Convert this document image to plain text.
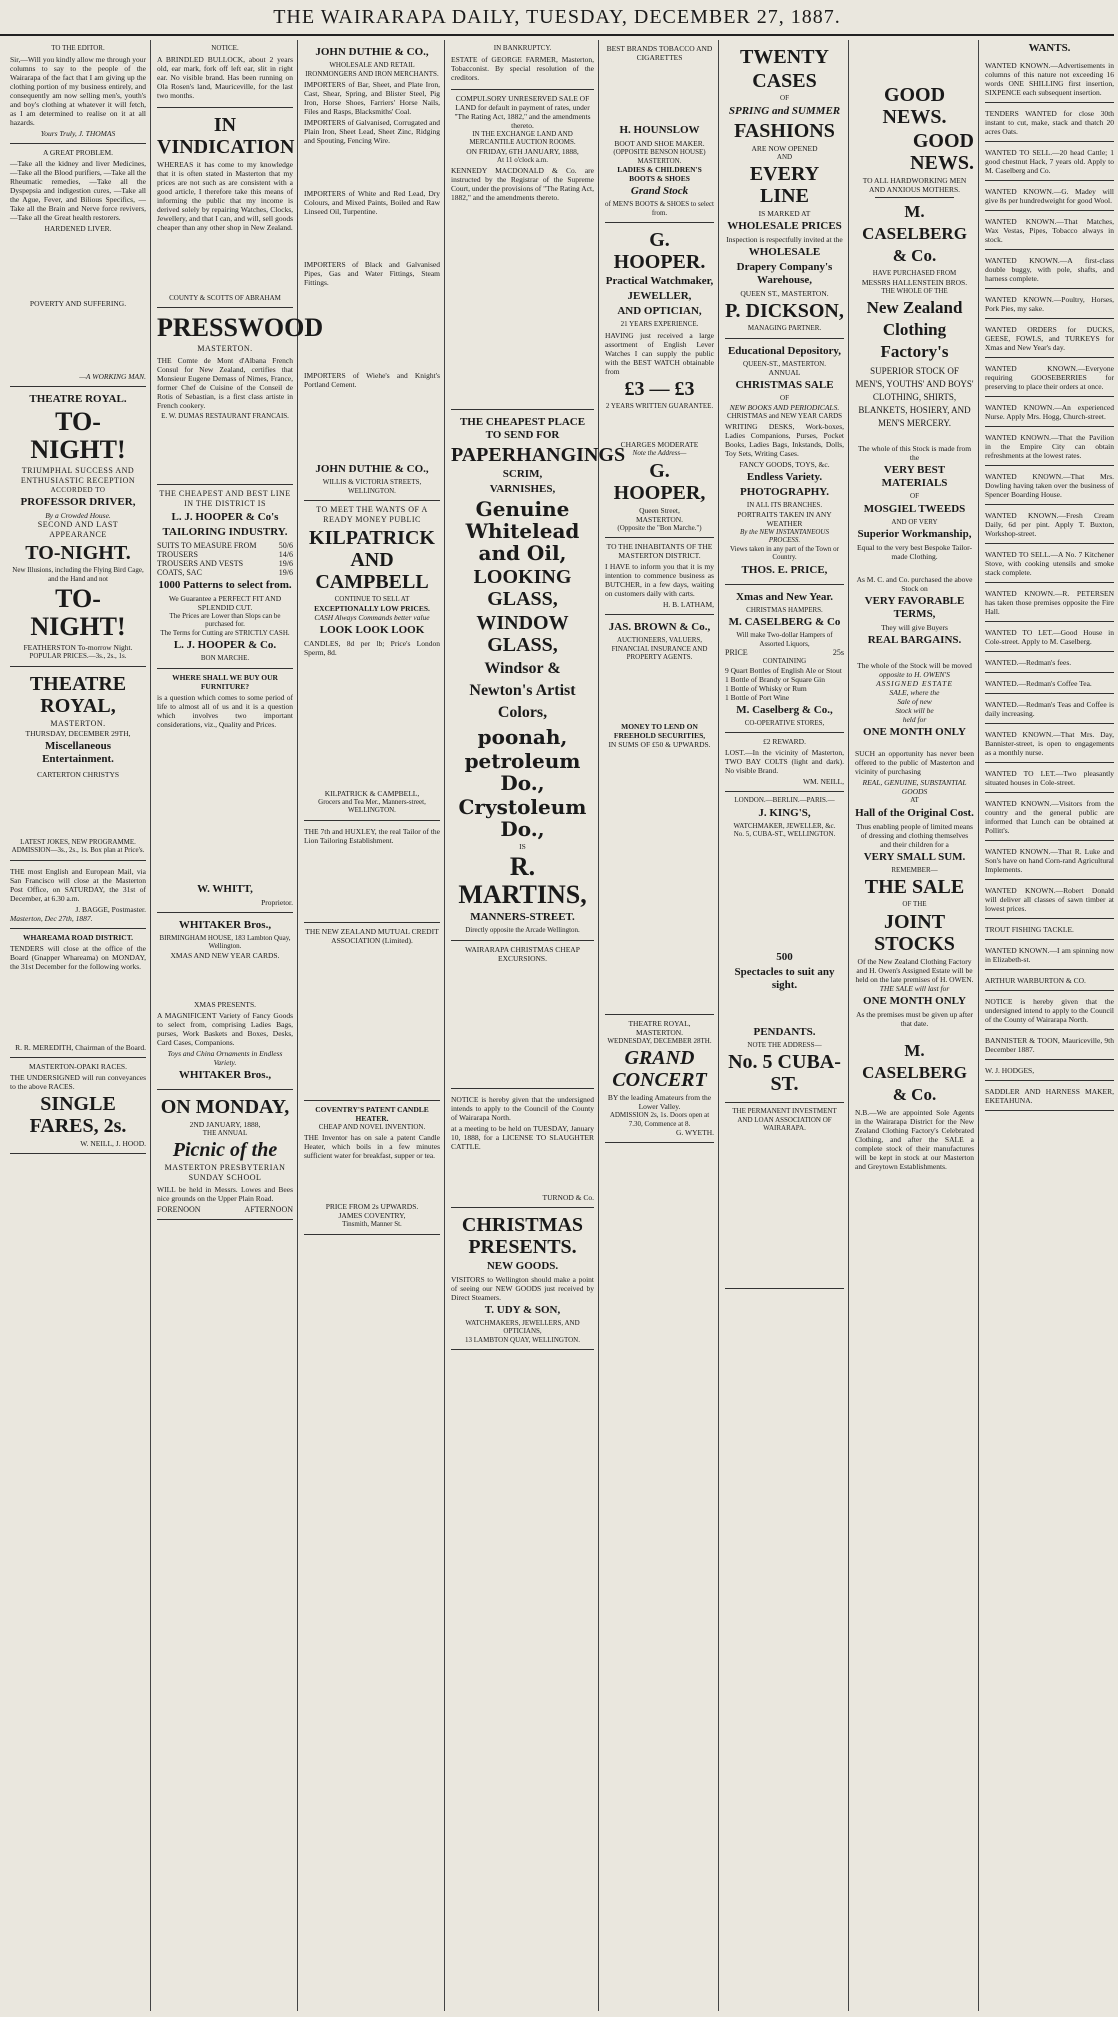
THE WAIRARAPA DAILY, TUESDAY, DECEMBER 27, 1887.
TO THE EDITOR.
Sir,—Will you kindly allow me through your columns to say to the people of the Wairarapa of the fact that I am giving up the clothing portion of my business entirely, and consequently am now selling men's, youth's and boy's clothing at whatever it will fetch, as I am determined to realise on it at all hazards.
Yours Truly, J. THOMAS
A GREAT PROBLEM.
—Take all the kidney and liver Medicines, —Take all the Blood purifiers, —Take all the Rheumatic remedies, —Take all the Dyspepsia and indigestion cures, —Take all the Ague, Fever, and Bilious Specifics, —Take all the Brain and Nerve force revivers, —Take all the Great health restorers.
HARDENED LIVER.
POVERTY AND SUFFERING.
—A WORKING MAN.
THEATRE ROYAL.
TO-NIGHT!
TRIUMPHAL SUCCESS AND ENTHUSIASTIC RECEPTION
ACCORDED TO
PROFESSOR DRIVER,
By a Crowded House.
SECOND AND LAST APPEARANCE
TO-NIGHT.
New Illusions, including the Flying Bird Cage, and the Hand and not
TO-NIGHT!
FEATHERSTON To-morrow Night.
POPULAR PRICES.—3s., 2s., 1s.
THEATRE ROYAL,
MASTERTON.
THURSDAY, DECEMBER 29TH,
Miscellaneous Entertainment.
CARTERTON CHRISTYS
LATEST JOKES, NEW PROGRAMME.
ADMISSION—3s., 2s., 1s. Box plan at Price's.
THE most English and European Mail, via San Francisco will close at the Masterton Post Office, on SATURDAY, the 31st of December, at 6.30 a.m.
J. BAGGE, Postmaster.
Masterton, Dec 27th, 1887.
WHAREAMA ROAD DISTRICT.
TENDERS will close at the office of the Board (Gnapper Whareama) on MONDAY, the 31st December for the following works.
R. R. MEREDITH, Chairman of the Board.
MASTERTON-OPAKI RACES.
THE UNDERSIGNED will run conveyances to the above RACES.
SINGLE FARES, 2s.
W. NEILL, J. HOOD.
NOTICE.
A BRINDLED BULLOCK, about 2 years old, ear mark, fork off left ear, slit in right ear. No visible brand. Has been running on Ola Rosen's land, Mauriceville, for the last two months.
IN VINDICATION
WHEREAS it has come to my knowledge that it is often stated in Masterton that my prices are not such as are consistent with a good article, I therefore take this means of informing the public that my income is derived solely by repairing Watches, Clocks, Jewellery, and that I can, and will, sell goods cheaper than any other shop in New Zealand.
COUNTY & SCOTTS OF ABRAHAM
PRESSWOOD
MASTERTON.
THE Comte de Mont d'Albana French Consul for New Zealand, certifies that Monsieur Eugene Demass of Nimes, France, former Chef de Cuisine of the Conseil de Rotis of Sebastian, is a first class artiste in French cookery.
E. W. DUMAS RESTAURANT FRANCAIS.
THE CHEAPEST AND BEST LINE IN THE DISTRICT IS
L. J. HOOPER & Co's
TAILORING INDUSTRY.
SUITS TO MEASURE FROM	50/6
TROUSERS	14/6
TROUSERS AND VESTS	19/6
COATS, SAC	19/6
1000 Patterns to select from.
We Guarantee a PERFECT FIT AND SPLENDID CUT.
The Prices are Lower than Slops can be purchased for.
The Terms for Cutting are STRICTLY CASH.
L. J. HOOPER & Co.
BON MARCHE.
WHERE SHALL WE BUY OUR FURNITURE?
is a question which comes to some period of life to almost all of us and it is a question which involves two important considerations, viz., Quality and Prices.
W. WHITT,
Proprietor.
WHITAKER Bros.,
BIRMINGHAM HOUSE, 183 Lambton Quay, Wellington.
XMAS AND NEW YEAR CARDS.
XMAS PRESENTS.
A MAGNIFICENT Variety of Fancy Goods to select from, comprising Ladies Bags, purses, Work Baskets and Boxes, Desks, Card Cases, Companions.
Toys and China Ornaments in Endless Variety.
WHITAKER Bros.,
ON MONDAY,
2ND JANUARY, 1888,
THE ANNUAL
Picnic of the
MASTERTON PRESBYTERIAN SUNDAY SCHOOL
WILL be held in Messrs. Lowes and Bees nice grounds on the Upper Plain Road.
FORENOON	AFTERNOON
JOHN DUTHIE & CO.,
WHOLESALE AND RETAIL IRONMONGERS AND IRON MERCHANTS.
IMPORTERS of Bar, Sheet, and Plate Iron, Cast, Shear, Spring, and Blister Steel, Pig Iron, Horse Shoes, Farriers' Horse Nails, Files and Rasps, Blacksmiths' Coal.
IMPORTERS of Galvanised, Corrugated and Plain Iron, Sheet Lead, Sheet Zinc, Ridging and Spouting, Fencing Wire.
IMPORTERS of White and Red Lead, Dry Colours, and Mixed Paints, Boiled and Raw Linseed Oil, Turpentine.
IMPORTERS of Black and Galvanised Pipes, Gas and Water Fittings, Steam Fittings.
IMPORTERS of Wiehe's and Knight's Portland Cement.
JOHN DUTHIE & CO.,
WILLIS & VICTORIA STREETS, WELLINGTON.
TO MEET THE WANTS OF A READY MONEY PUBLIC
KILPATRICK AND CAMPBELL
CONTINUE TO SELL AT
EXCEPTIONALLY LOW PRICES.
CASH Always Commands better value
LOOK LOOK LOOK
CANDLES, 8d per lb; Price's London Sperm, 8d.
KILPATRICK & CAMPBELL,
Grocers and Tea Mer., Manners-street, WELLINGTON.
THE 7th and HUXLEY, the real Tailor of the Lion Tailoring Establishment.
THE NEW ZEALAND MUTUAL CREDIT ASSOCIATION (Limited).
COVENTRY'S PATENT CANDLE HEATER.
CHEAP AND NOVEL INVENTION.
THE Inventor has on sale a patent Candle Heater, which boils in a few minutes sufficient water for breakfast, supper or tea.
PRICE FROM 2s UPWARDS.
JAMES COVENTRY,
Tinsmith, Manner St.
IN BANKRUPTCY.
ESTATE of GEORGE FARMER, Masterton, Tobacconist. By special resolution of the creditors.
COMPULSORY UNRESERVED SALE OF LAND for default in payment of rates, under "The Rating Act, 1882," and the amendments thereto.
IN THE EXCHANGE LAND AND MERCANTILE AUCTION ROOMS.
ON FRIDAY, 6TH JANUARY, 1888,
At 11 o'clock a.m.
KENNEDY MACDONALD & Co. are instructed by the Registrar of the Supreme Court, under the provisions of "The Rating Act, 1882," and the amendments thereto.
THE CHEAPEST PLACE TO SEND FOR
PAPERHANGINGS
SCRIM,
VARNISHES,
Genuine Whitelead and Oil,
LOOKING GLASS,
WINDOW GLASS,
Windsor & Newton's Artist Colors,
poonah,
petroleum Do.,
Crystoleum Do.,
IS
R. MARTINS,
MANNERS-STREET.
Directly opposite the Arcade Wellington.
WAIRARAPA CHRISTMAS CHEAP EXCURSIONS.
NOTICE is hereby given that the undersigned intends to apply to the Council of the County of Wairarapa North.
at a meeting to be held on TUESDAY, January 10, 1888, for a LICENSE TO SLAUGHTER CATTLE.
TURNOD & Co.
CHRISTMAS PRESENTS.
NEW GOODS.
VISITORS to Wellington should make a point of seeing our NEW GOODS just received by Direct Steamers.
T. UDY & SON,
WATCHMAKERS, JEWELLERS, AND OPTICIANS,
13 LAMBTON QUAY, WELLINGTON.
BEST BRANDS TOBACCO AND CIGARETTES
H. HOUNSLOW
BOOT AND SHOE MAKER.
(OPPOSITE BENSON HOUSE) MASTERTON.
LADIES & CHILDREN'S BOOTS & SHOES
Grand Stock
of MEN'S BOOTS & SHOES to select from.
G. HOOPER.
Practical Watchmaker,
JEWELLER,
AND OPTICIAN,
21 YEARS EXPERIENCE.
HAVING just received a large assortment of English Lever Watches I can supply the public with the BEST WATCH obtainable from
£3 — £3
2 YEARS WRITTEN GUARANTEE.
CHARGES MODERATE
Note the Address—
G. HOOPER,
Queen Street,
MASTERTON.
(Opposite the "Bon Marche.")
TO THE INHABITANTS OF THE MASTERTON DISTRICT.
I HAVE to inform you that it is my intention to commence business as BUTCHER, in a few days, waiting on customers daily with carts.
H. B. LATHAM,
JAS. BROWN & Co.,
AUCTIONEERS, VALUERS, FINANCIAL INSURANCE AND PROPERTY AGENTS.
MONEY TO LEND ON FREEHOLD SECURITIES,
IN SUMS OF £50 & UPWARDS.
THEATRE ROYAL, MASTERTON.
WEDNESDAY, DECEMBER 28TH.
GRAND CONCERT
BY the leading Amateurs from the Lower Valley.
ADMISSION 2s, 1s. Doors open at 7.30, Commence at 8.
G. WYETH.
TWENTY
CASES
OF
SPRING and SUMMER
FASHIONS
ARE NOW OPENED
AND
EVERY LINE
IS MARKED AT
WHOLESALE PRICES
Inspection is respectfully invited at the
WHOLESALE
Drapery Company's Warehouse,
QUEEN ST., MASTERTON.
P. DICKSON,
MANAGING PARTNER.
Educational Depository,
QUEEN-ST., MASTERTON.
ANNUAL
CHRISTMAS SALE
OF
NEW BOOKS AND PERIODICALS.
CHRISTMAS and NEW YEAR CARDS
WRITING DESKS, Work-boxes, Ladies Companions, Purses, Pocket Books, Ladies Bags, Inkstands, Dolls, Toy Sets, Writing Cases.
FANCY GOODS, TOYS, &c.
Endless Variety.
PHOTOGRAPHY.
IN ALL ITS BRANCHES.
PORTRAITS TAKEN IN ANY WEATHER
By the NEW INSTANTANEOUS PROCESS.
Views taken in any part of the Town or Country.
THOS. E. PRICE,
Xmas and New Year.
CHRISTMAS HAMPERS.
M. CASELBERG & Co
Will make Two-dollar Hampers of Assorted Liquors,
PRICE	25s
CONTAINING
9 Quart Bottles of English Ale or Stout
1 Bottle of Brandy or Square Gin
1 Bottle of Whisky or Rum
1 Bottle of Port Wine
M. Caselberg & Co.,
CO-OPERATIVE STORES,
£2 REWARD.
LOST.—In the vicinity of Masterton, TWO BAY COLTS (light and dark). No visible Brand.
WM. NEILL,
LONDON.—BERLIN.—PARIS.—
J. KING'S,
WATCHMAKER, JEWELLER, &c.
No. 5, CUBA-ST., WELLINGTON.
500
Spectacles to suit any sight.
PENDANTS.
NOTE THE ADDRESS—
No. 5 CUBA-ST.
THE PERMANENT INVESTMENT AND LOAN ASSOCIATION OF WAIRARAPA.
GOOD NEWS.
GOOD NEWS.
TO ALL HARDWORKING MEN AND ANXIOUS MOTHERS.
M. CASELBERG & Co.
HAVE PURCHASED FROM
MESSRS HALLENSTEIN BROS.
THE WHOLE OF THE
New Zealand Clothing Factory's
SUPERIOR STOCK OF MEN'S, YOUTHS' AND BOYS' CLOTHING, SHIRTS, BLANKETS, HOSIERY, AND MEN'S MERCERY.
The whole of this Stock is made from the
VERY BEST MATERIALS
OF
MOSGIEL TWEEDS
AND OF VERY
Superior Workmanship,
Equal to the very best Bespoke Tailor-made Clothing.
As M. C. and Co. purchased the above Stock on
VERY FAVORABLE TERMS,
They will give Buyers
REAL BARGAINS.
The whole of the Stock will be moved
opposite to H. OWEN'S
ASSIGNED ESTATE
SALE, where the
Sale of new
Stock will be
held for
ONE MONTH ONLY
SUCH an opportunity has never been offered to the public of Masterton and vicinity of purchasing
REAL, GENUINE, SUBSTANTIAL GOODS
AT
Hall of the Original Cost.
Thus enabling people of limited means of dressing and clothing themselves and their children for a
VERY SMALL SUM.
REMEMBER—
THE SALE
OF THE
JOINT STOCKS
Of the New Zealand Clothing Factory and H. Owen's Assigned Estate will be held on the late premises of H. OWEN.
THE SALE will last for
ONE MONTH ONLY
As the premises must be given up after that date.
M. CASELBERG & Co.
N.B.—We are appointed Sole Agents in the Wairarapa District for the New Zealand Clothing Factory's Celebrated Clothing, and after the SALE a complete stock of their manufactures will be kept in stock at our Masterton and Greytown Establishments.
WANTS.
WANTED KNOWN.—Advertisements in columns of this nature not exceeding 16 words ONE SHILLING first insertion, SIXPENCE each subsequent insertion.
TENDERS WANTED for close 30th instant to cut, make, stack and thatch 20 acres Oats.
WANTED TO SELL.—20 head Cattle; 1 good chestnut Hack, 7 years old. Apply to M. Caselberg and Co.
WANTED KNOWN.—G. Madey will give 8s per hundredweight for good Wool.
WANTED KNOWN.—That Matches, Wax Vestas, Pipes, Tobacco always in stock.
WANTED KNOWN.—A first-class double buggy, with pole, shafts, and harness complete.
WANTED KNOWN.—Poultry, Horses, Pork Pies, my sake.
WANTED ORDERS for DUCKS, GEESE, FOWLS, and TURKEYS for Xmas and New Year's day.
WANTED KNOWN.—Everyone requiring GOOSEBERRIES for preserving to place their orders at once.
WANTED KNOWN.—An experienced Nurse. Apply Mrs. Hogg, Church-street.
WANTED KNOWN.—That the Pavilion in the Empire City can obtain refreshments at the lowest rates.
WANTED KNOWN.—That Mrs. Dowling having taken over the business of Spencer Boarding House.
WANTED KNOWN.—Fresh Cream Daily, 6d per pint. Apply T. Buxton, Workshop-street.
WANTED TO SELL.—A No. 7 Kitchener Stove, with cooking utensils and smoke stack complete.
WANTED KNOWN.—R. PETERSEN has taken those premises opposite the Fire Hall.
WANTED TO LET.—Good House in Cole-street. Apply to M. Caselberg.
WANTED.—Redman's fees.
WANTED.—Redman's Coffee Tea.
WANTED.—Redman's Teas and Coffee is daily increasing.
WANTED KNOWN.—That Mrs. Day, Bannister-street, is open to engagements as a monthly nurse.
WANTED TO LET.—Two pleasantly situated houses in Cole-street.
WANTED KNOWN.—Visitors from the country and the general public are informed that Lunch can be obtained at Pollitt's.
WANTED KNOWN.—That R. Luke and Son's have on hand Corn-rand Agricultural Implements.
WANTED KNOWN.—Robert Donald will deliver all classes of sawn timber at lowest prices.
TROUT FISHING TACKLE.
WANTED KNOWN.—I am spinning now in Elizabeth-st.
ARTHUR WARBURTON & CO.
NOTICE is hereby given that the undersigned intend to apply to the Council of the County of Wairarapa North.
BANNISTER & TOON, Mauriceville, 9th December 1887.
W. J. HODGES,
SADDLER AND HARNESS MAKER, EKETAHUNA.
